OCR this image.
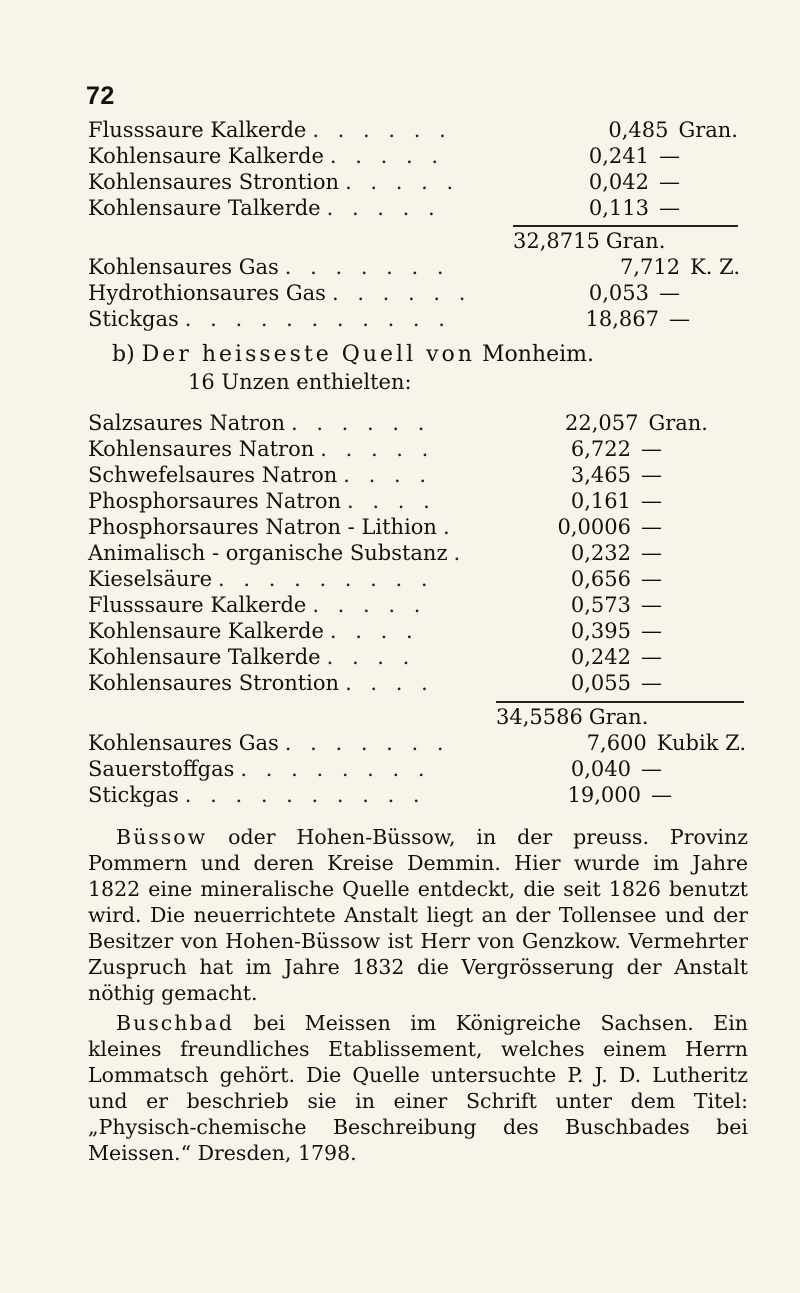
72
Flusssaure Kalkerde . . . . . .	0,485 Gran.
Kohlensaure Kalkerde . . . . .	0,241 —
Kohlensaures Strontion . . . . .	0,042 —
Kohlensaure Talkerde . . . . .	0,113 —
32,8715 Gran.
Kohlensaures Gas . . . . . . .	7,712 K. Z.
Hydrothionsaures Gas . . . . . .	0,053 —
Stickgas . . . . . . . . . . .	18,867 —
b) Der heisseste Quell von Monheim.
16 Unzen enthielten:
Salzsaures Natron . . . . . .	22,057 Gran.
Kohlensaures Natron . . . . .	6,722 —
Schwefelsaures Natron . . . .	3,465 —
Phosphorsaures Natron . . . .	0,161 —
Phosphorsaures Natron - Lithion .	0,0006 —
Animalisch - organische Substanz .	0,232 —
Kieselsäure . . . . . . . . .	0,656 —
Flusssaure Kalkerde . . . . .	0,573 —
Kohlensaure Kalkerde . . . .	0,395 —
Kohlensaure Talkerde . . . .	0,242 —
Kohlensaures Strontion . . . .	0,055 —
34,5586 Gran.
Kohlensaures Gas . . . . . . .	7,600 Kubik Z.
Sauerstoffgas . . . . . . . .	0,040 —
Stickgas . . . . . . . . . .	19,000 —
Büssow oder Hohen-Büssow, in der preuss. Provinz Pommern und deren Kreise Demmin. Hier wurde im Jahre 1822 eine mineralische Quelle entdeckt, die seit 1826 benutzt wird. Die neuerrichtete Anstalt liegt an der Tollensee und der Besitzer von Hohen-Büssow ist Herr von Genzkow. Vermehrter Zuspruch hat im Jahre 1832 die Vergrösserung der Anstalt nöthig gemacht.
Buschbad bei Meissen im Königreiche Sachsen. Ein kleines freundliches Etablissement, welches einem Herrn Lommatsch gehört. Die Quelle untersuchte P. J. D. Lutheritz und er beschrieb sie in einer Schrift unter dem Titel: „Physisch-chemische Beschreibung des Buschbades bei Meissen.“ Dresden, 1798.
